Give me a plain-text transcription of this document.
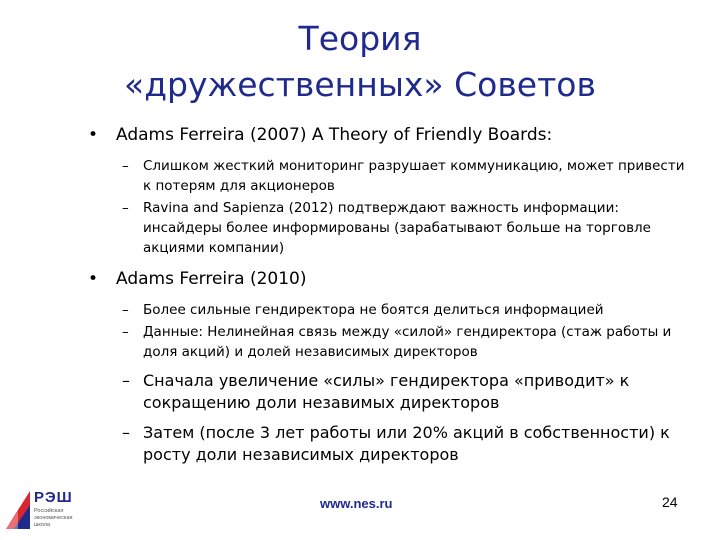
Теория
«дружественных» Советов
• Adams Ferreira (2007) A Theory of Friendly Boards:
– Слишком жесткий мониторинг разрушает коммуникацию, может привести к потерям для акционеров
– Ravina and Sapienza (2012) подтверждают важность информации: инсайдеры более информированы (зарабатывают больше на торговле акциями компании)
• Adams Ferreira (2010)
– Более сильные гендиректора не боятся делиться информацией
– Данные: Нелинейная связь между «силой» гендиректора (стаж работы и доля акций) и долей независимых директоров
– Сначала увеличение «силы» гендиректора «приводит» к сокращению доли незавимых директоров
– Затем (после 3 лет работы или 20% акций в собственности) к росту доли независимых директоров
РЭШ
Российская экономическая школа
www.nes.ru	24
